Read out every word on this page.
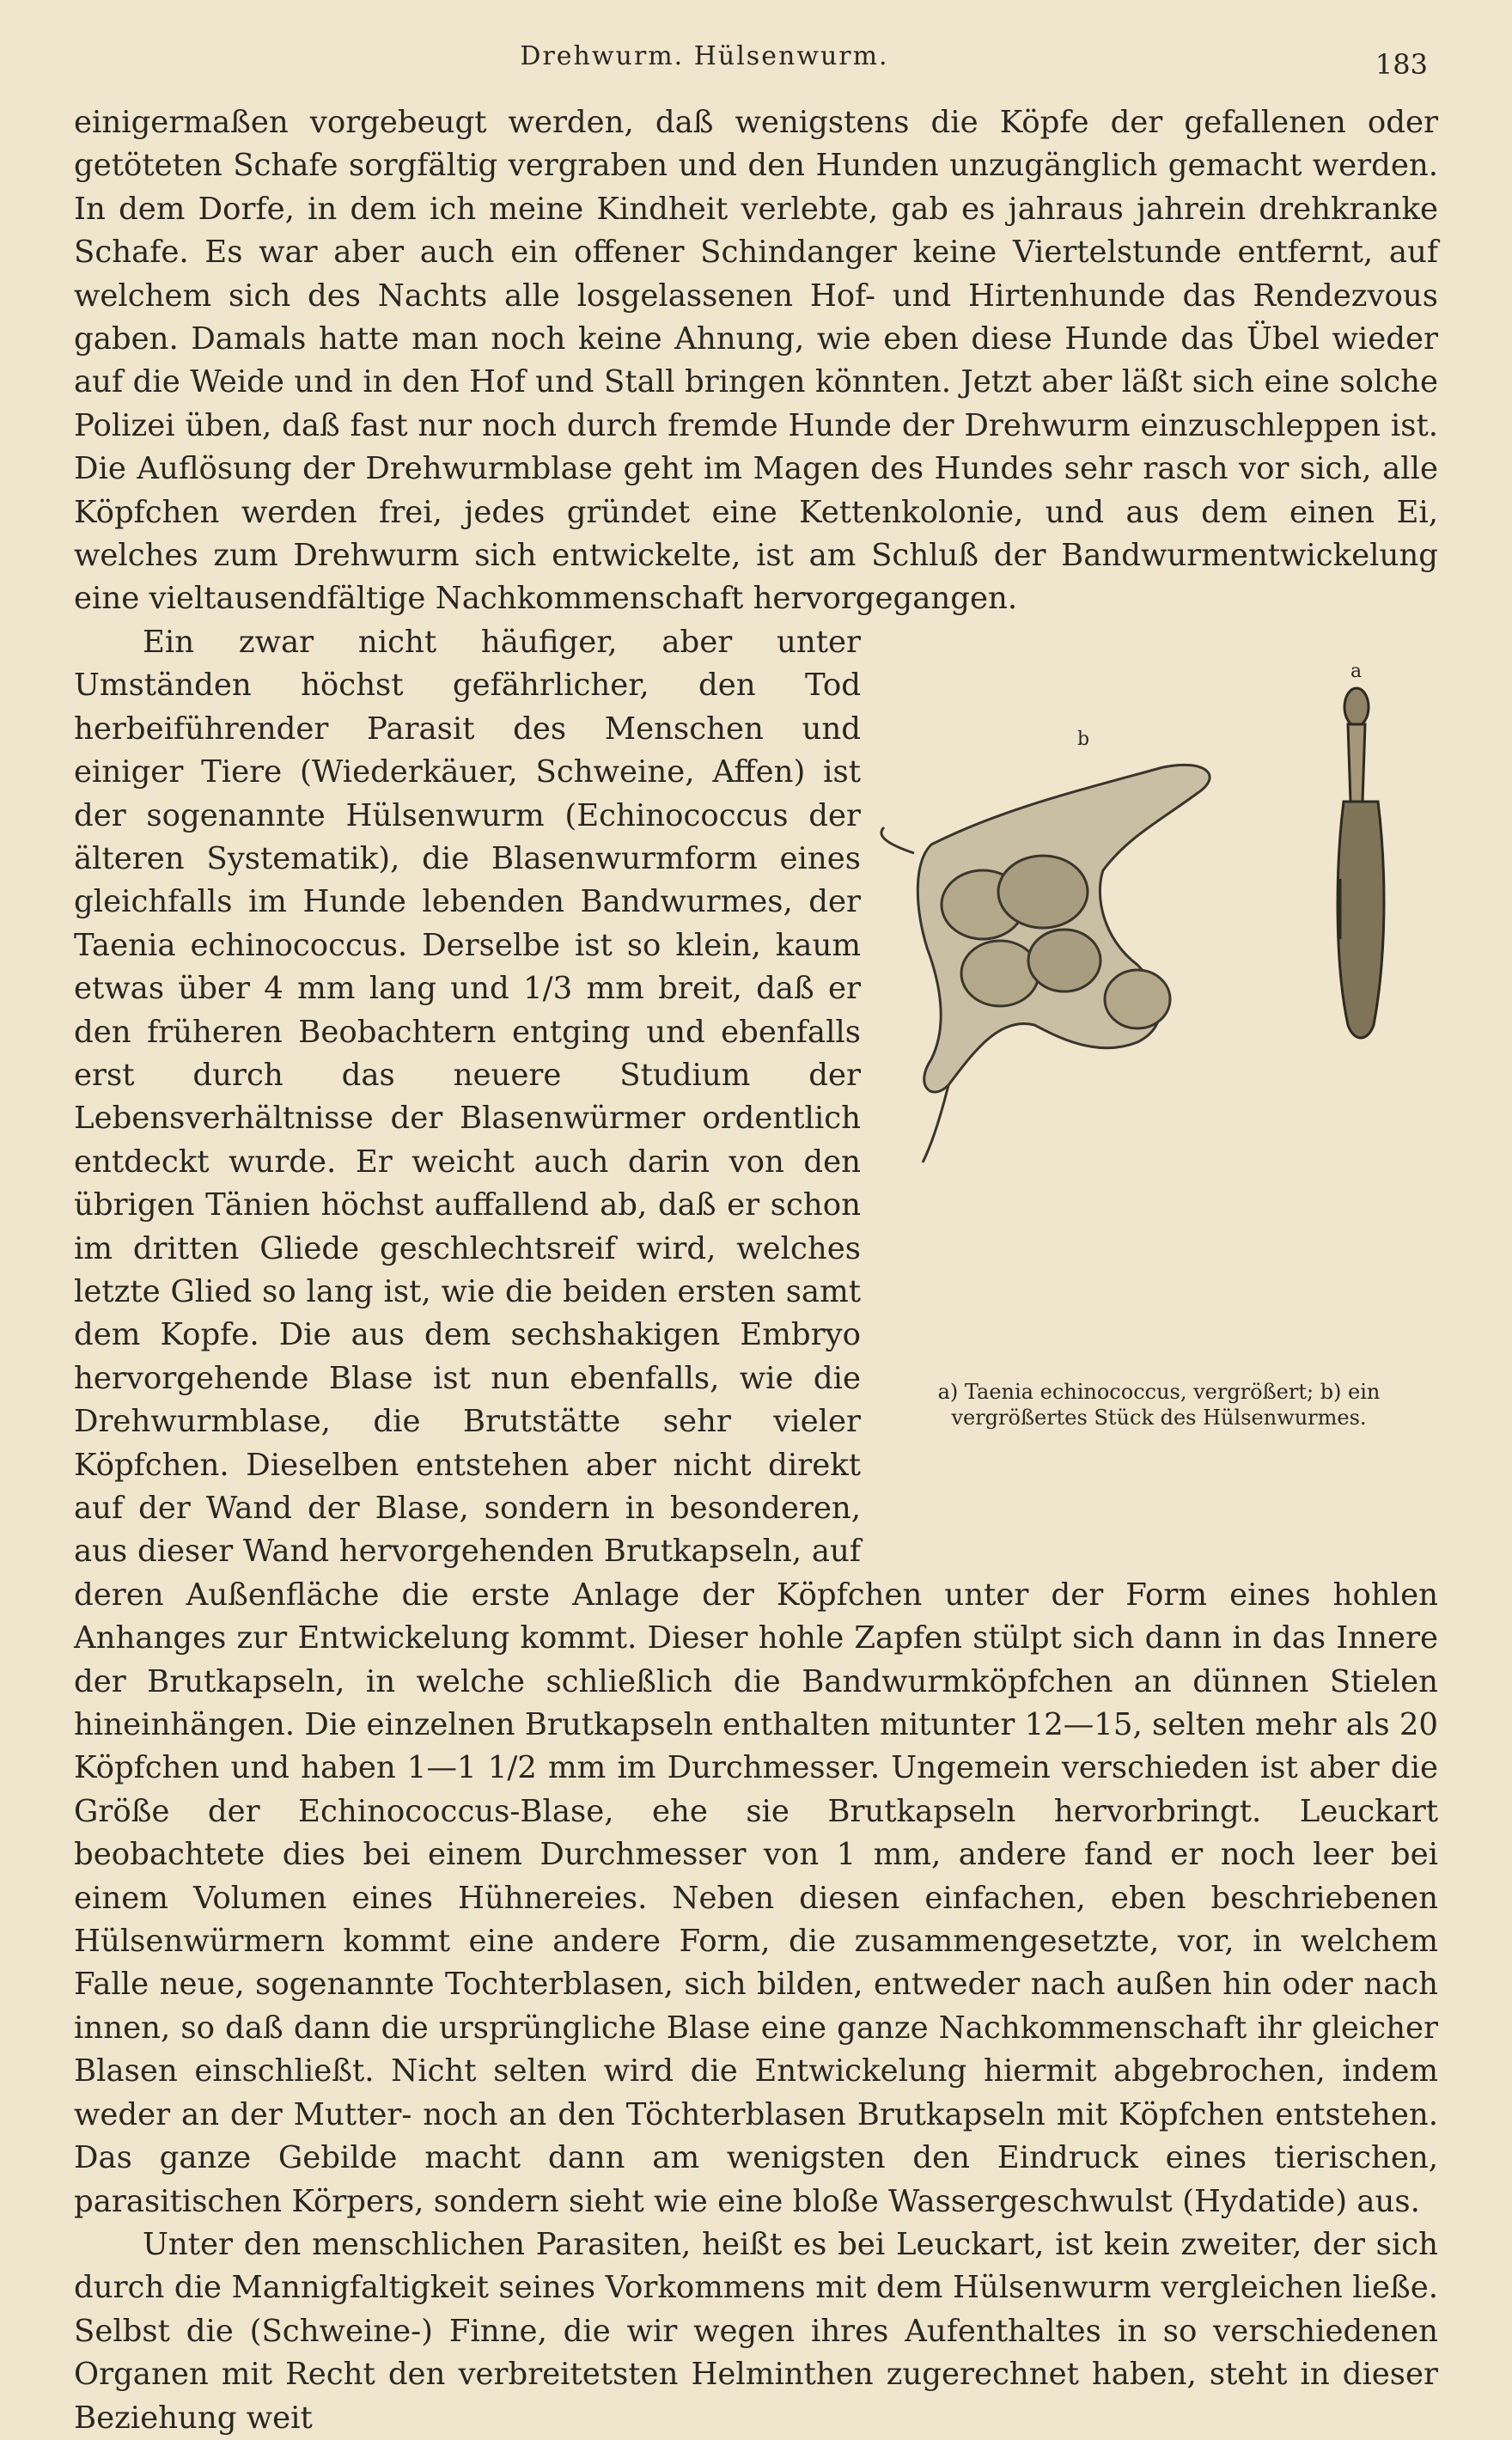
Drehwurm. Hülsenwurm.	183

einigermaßen vorgebeugt werden, daß wenigstens die Köpfe der gefallenen oder getöteten Schafe sorgfältig vergraben und den Hunden unzugänglich gemacht werden. In dem Dorfe, in dem ich meine Kindheit verlebte, gab es jahraus jahrein drehkranke Schafe. Es war aber auch ein offener Schindanger keine Viertelstunde entfernt, auf welchem sich des Nachts alle losgelassenen Hof- und Hirtenhunde das Rendezvous gaben. Damals hatte man noch keine Ahnung, wie eben diese Hunde das Übel wieder auf die Weide und in den Hof und Stall bringen könnten. Jetzt aber läßt sich eine solche Polizei üben, daß fast nur noch durch fremde Hunde der Drehwurm einzuschleppen ist. Die Auflösung der Drehwurmblase geht im Magen des Hundes sehr rasch vor sich, alle Köpfchen werden frei, jedes gründet eine Kettenkolonie, und aus dem einen Ei, welches zum Drehwurm sich entwickelte, ist am Schluß der Bandwurmentwickelung eine vieltausendfältige Nachkommenschaft hervorgegangen.

a
b
a) Taenia echinococcus, vergrößert; b) ein vergrößertes Stück des Hülsenwurmes.

Ein zwar nicht häufiger, aber unter Umständen höchst gefährlicher, den Tod herbeiführender Parasit des Menschen und einiger Tiere (Wiederkäuer, Schweine, Affen) ist der sogenannte Hülsenwurm (Echinococcus der älteren Systematik), die Blasenwurmform eines gleichfalls im Hunde lebenden Bandwurmes, der Taenia echinococcus. Derselbe ist so klein, kaum etwas über 4 mm lang und 1/3 mm breit, daß er den früheren Beobachtern entging und ebenfalls erst durch das neuere Studium der Lebensverhältnisse der Blasenwürmer ordentlich entdeckt wurde. Er weicht auch darin von den übrigen Tänien höchst auffallend ab, daß er schon im dritten Gliede geschlechtsreif wird, welches letzte Glied so lang ist, wie die beiden ersten samt dem Kopfe. Die aus dem sechshakigen Embryo hervorgehende Blase ist nun ebenfalls, wie die Drehwurmblase, die Brutstätte sehr vieler Köpfchen. Dieselben entstehen aber nicht direkt auf der Wand der Blase, sondern in besonderen, aus dieser Wand hervorgehenden Brutkapseln, auf deren Außenfläche die erste Anlage der Köpfchen unter der Form eines hohlen Anhanges zur Entwickelung kommt. Dieser hohle Zapfen stülpt sich dann in das Innere der Brutkapseln, in welche schließlich die Bandwurmköpfchen an dünnen Stielen hineinhängen. Die einzelnen Brutkapseln enthalten mitunter 12—15, selten mehr als 20 Köpfchen und haben 1—1 1/2 mm im Durchmesser. Ungemein verschieden ist aber die Größe der Echinococcus-Blase, ehe sie Brutkapseln hervorbringt. Leuckart beobachtete dies bei einem Durchmesser von 1 mm, andere fand er noch leer bei einem Volumen eines Hühnereies. Neben diesen einfachen, eben beschriebenen Hülsenwürmern kommt eine andere Form, die zusammengesetzte, vor, in welchem Falle neue, sogenannte Tochterblasen, sich bilden, entweder nach außen hin oder nach innen, so daß dann die ursprüngliche Blase eine ganze Nachkommenschaft ihr gleicher Blasen einschließt. Nicht selten wird die Entwickelung hiermit abgebrochen, indem weder an der Mutter- noch an den Töchterblasen Brutkapseln mit Köpfchen entstehen. Das ganze Gebilde macht dann am wenigsten den Eindruck eines tierischen, parasitischen Körpers, sondern sieht wie eine bloße Wassergeschwulst (Hydatide) aus.

Unter den menschlichen Parasiten, heißt es bei Leuckart, ist kein zweiter, der sich durch die Mannigfaltigkeit seines Vorkommens mit dem Hülsenwurm vergleichen ließe. Selbst die (Schweine-) Finne, die wir wegen ihres Aufenthaltes in so verschiedenen Organen mit Recht den verbreitetsten Helminthen zugerechnet haben, steht in dieser Beziehung weit
